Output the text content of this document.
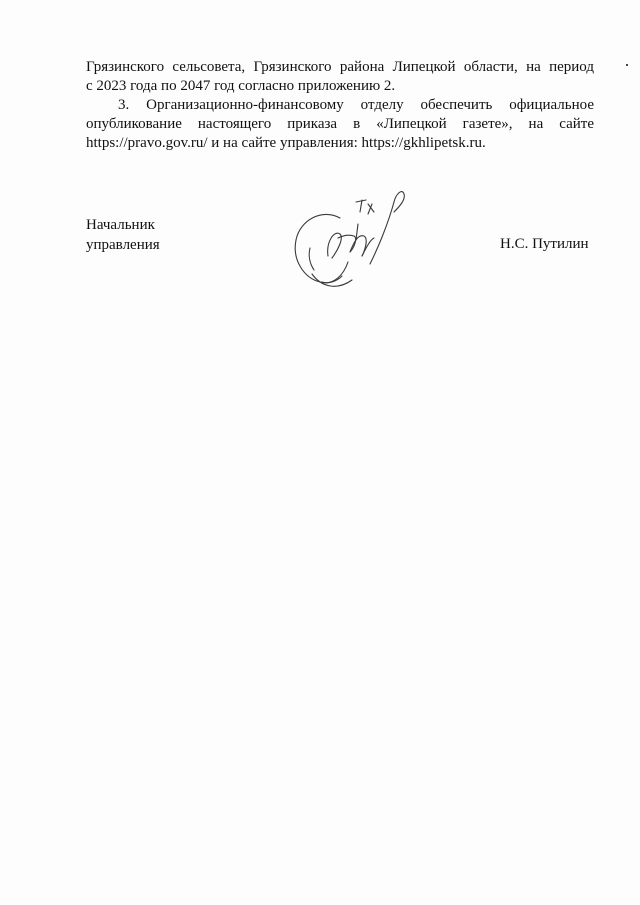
Грязинского сельсовета, Грязинского района Липецкой области, на период
с 2023 года по 2047 год согласно приложению 2.

3. Организационно-финансовому отделу обеспечить официальное
опубликование настоящего приказа в «Липецкой газете», на сайте
https://pravo.gov.ru/ и на сайте управления: https://gkhlipetsk.ru.

Начальник
управления	Н.С. Путилин
